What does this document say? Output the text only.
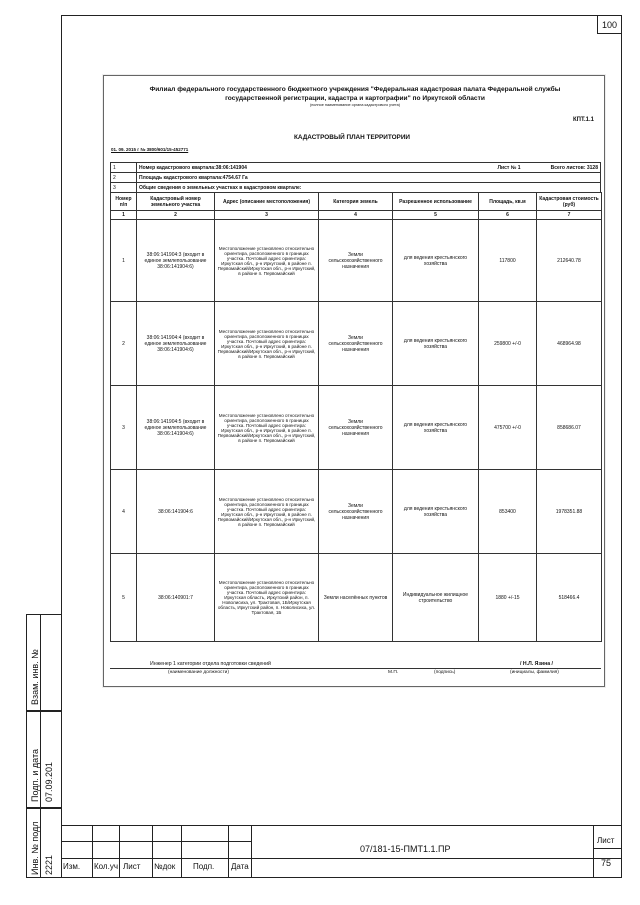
100
Взам. инв. №
Подп. и дата 07.09.201
Инв. № подл 2221 Изм. Кол.уч Лист №док Подп. Дата
07/181-15-ПМТ1.1.ПР
Лист
75
Филиал федерального государственного бюджетного учреждения "Федеральная кадастровая палата Федеральной службы
государственной регистрации, кадастра и картографии" по Иркутской области
(полное наименование органа кадастрового учета)
КПТ.1.1
КАДАСТРОВЫЙ ПЛАН ТЕРРИТОРИИ
01. 09. 2015 г № 3800/601/15-452771
1	Номер кадастрового квартала:38:06:141904	Лист № 1	Всего листов: 3128
2	Площадь кадастрового квартала:4754.67 Га		
3	Общие сведения о земельных участках в кадастровом квартале:		
Номер п/п	Кадастровый номер земельного участка	Адрес (описание местоположения)	Категория земель	Разрешенное использование	Площадь, кв.м	Кадастровая стоимость (руб)
1	2	3	4	5	6	7
1	38:06:141904:3 (входит в единое землепользование 38:06:141904:6)	Местоположение установлено относительно ориентира, расположенного в границах участка. Почтовый адрес ориентира: Иркутская обл., р-н Иркутский, в районе п. Первомайский/Иркутская обл., р-н Иркутский, в районе п. Первомайский	Земли сельскохозяйственного назначения	для ведения крестьянского хозяйства	117800	212640.78
2	38:06:141904:4 (входит в единое землепользование 38:06:141904:6)	Местоположение установлено относительно ориентира, расположенного в границах участка. Почтовый адрес ориентира: Иркутская обл., р-н Иркутский, в районе п. Первомайский/Иркутская обл., р-н Иркутский, в районе п. Первомайский	Земли сельскохозяйственного назначения	для ведения крестьянского хозяйства	259800 +/-0	468964.98
3	38:06:141904:5 (входит в единое землепользование 38:06:141904:6)	Местоположение установлено относительно ориентира, расположенного в границах участка. Почтовый адрес ориентира: Иркутская обл., р-н Иркутский, в районе п. Первомайский/Иркутская обл., р-н Иркутский, в районе п. Первомайский	Земли сельскохозяйственного назначения	для ведения крестьянского хозяйства	475700 +/-0	858686.07
4	38:06:141904:6	Местоположение установлено относительно ориентира, расположенного в границах участка. Почтовый адрес ориентира: Иркутская обл., р-н Иркутский, в районе п. Первомайский/Иркутская обл., р-н Иркутский, в районе п. Первомайский	Земли сельскохозяйственного назначения	для ведения крестьянского хозяйства	853400	1978351.88
5	38:06:140901:7	Местоположение установлено относительно ориентира, расположенного в границах участка. Почтовый адрес ориентира: Иркутская область, Иркутский район, п. Новолисиха, ул. Трактовая, 1Б/Иркутская область, Иркутский район, п. Новолисиха, ул. Трактовая, 1Б	Земли населённых пунктов	Индивидуальное жилищное строительство	1880 +/-15	518466.4
Инженер 1 категории отдела подготовки сведений	/ Н.Л. Язина /
(наименование должности)	М.П.	(подпись)	(инициалы, фамилия)
